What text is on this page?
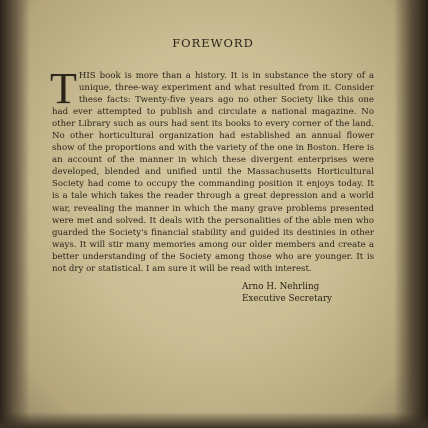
FOREWORD

THIS book is more than a history. It is in substance the story of a unique, three-way experiment and what resulted from it. Consider these facts: Twenty-five years ago no other Society like this one had ever attempted to publish and circulate a national magazine. No other Library such as ours had sent its books to every corner of the land. No other horticultural organization had established an annual flower show of the proportions and with the variety of the one in Boston. Here is an account of the manner in which these divergent enterprises were developed, blended and unified until the Massachusetts Horticultural Society had come to occupy the commanding position it enjoys today. It is a tale which takes the reader through a great depression and a world war, revealing the manner in which the many grave problems presented were met and solved. It deals with the personalities of the able men who guarded the Society's financial stability and guided its destinies in other ways. It will stir many memories among our older members and create a better understanding of the Society among those who are younger. It is not dry or statistical. I am sure it will be read with interest.

Arno H. Nehrling
Executive Secretary
